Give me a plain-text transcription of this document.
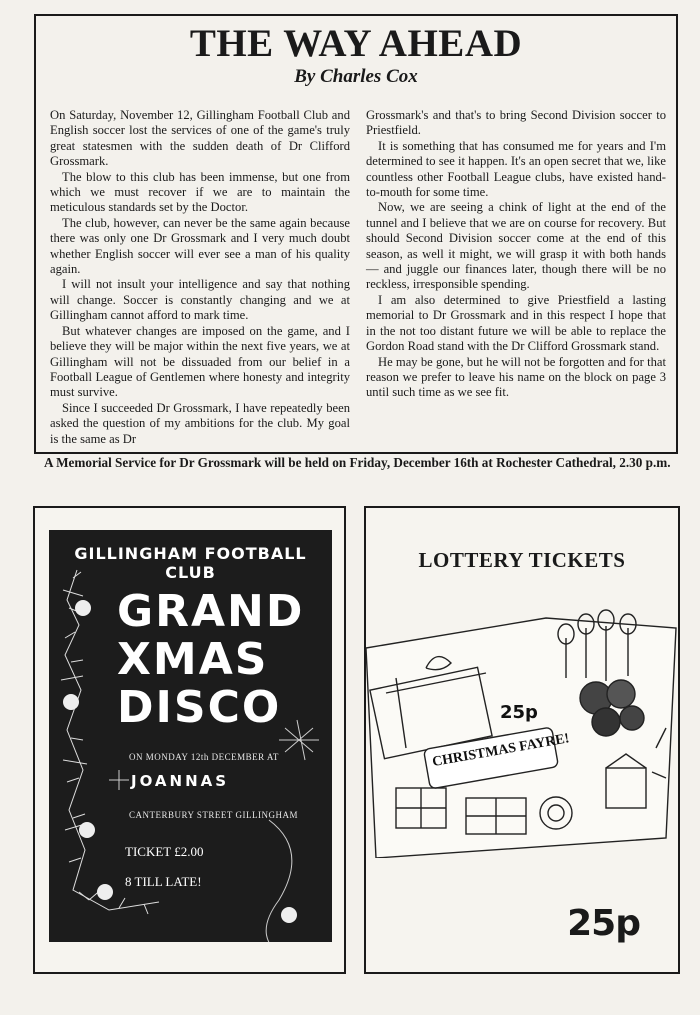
THE WAY AHEAD
By Charles Cox

On Saturday, November 12, Gillingham Football Club and English soccer lost the services of one of the game's truly great statesmen with the sudden death of Dr Clifford Grossmark.

The blow to this club has been immense, but one from which we must recover if we are to maintain the meticulous standards set by the Doctor.

The club, however, can never be the same again because there was only one Dr Grossmark and I very much doubt whether English soccer will ever see a man of his quality again.

I will not insult your intelligence and say that nothing will change. Soccer is constantly changing and we at Gillingham cannot afford to mark time.

But whatever changes are imposed on the game, and I believe they will be major within the next five years, we at Gillingham will not be dissuaded from our belief in a Football League of Gentlemen where honesty and integrity must survive.

Since I succeeded Dr Grossmark, I have repeatedly been asked the question of my ambitions for the club. My goal is the same as Dr

Grossmark's and that's to bring Second Division soccer to Priestfield.

It is something that has consumed me for years and I'm determined to see it happen. It's an open secret that we, like countless other Football League clubs, have existed hand-to-mouth for some time.

Now, we are seeing a chink of light at the end of the tunnel and I believe that we are on course for recovery. But should Second Division soccer come at the end of this season, as well it might, we will grasp it with both hands — and juggle our finances later, though there will be no reckless, irresponsible spending.

I am also determined to give Priestfield a lasting memorial to Dr Grossmark and in this respect I hope that in the not too distant future we will be able to replace the Gordon Road stand with the Dr Clifford Grossmark stand.

He may be gone, but he will not be forgotten and for that reason we prefer to leave his name on the block on page 3 until such time as we see fit.

A Memorial Service for Dr Grossmark will be held on Friday, December 16th at Rochester Cathedral, 2.30 p.m.
GILLINGHAM FOOTBALL CLUB
GRAND
XMAS
DISCO
ON MONDAY 12th DECEMBER AT
JOANNAS
CANTERBURY STREET GILLINGHAM
TICKET £2.00
8 TILL LATE!
LOTTERY TICKETS
CHRISTMAS FAYRE!
25p
25p
